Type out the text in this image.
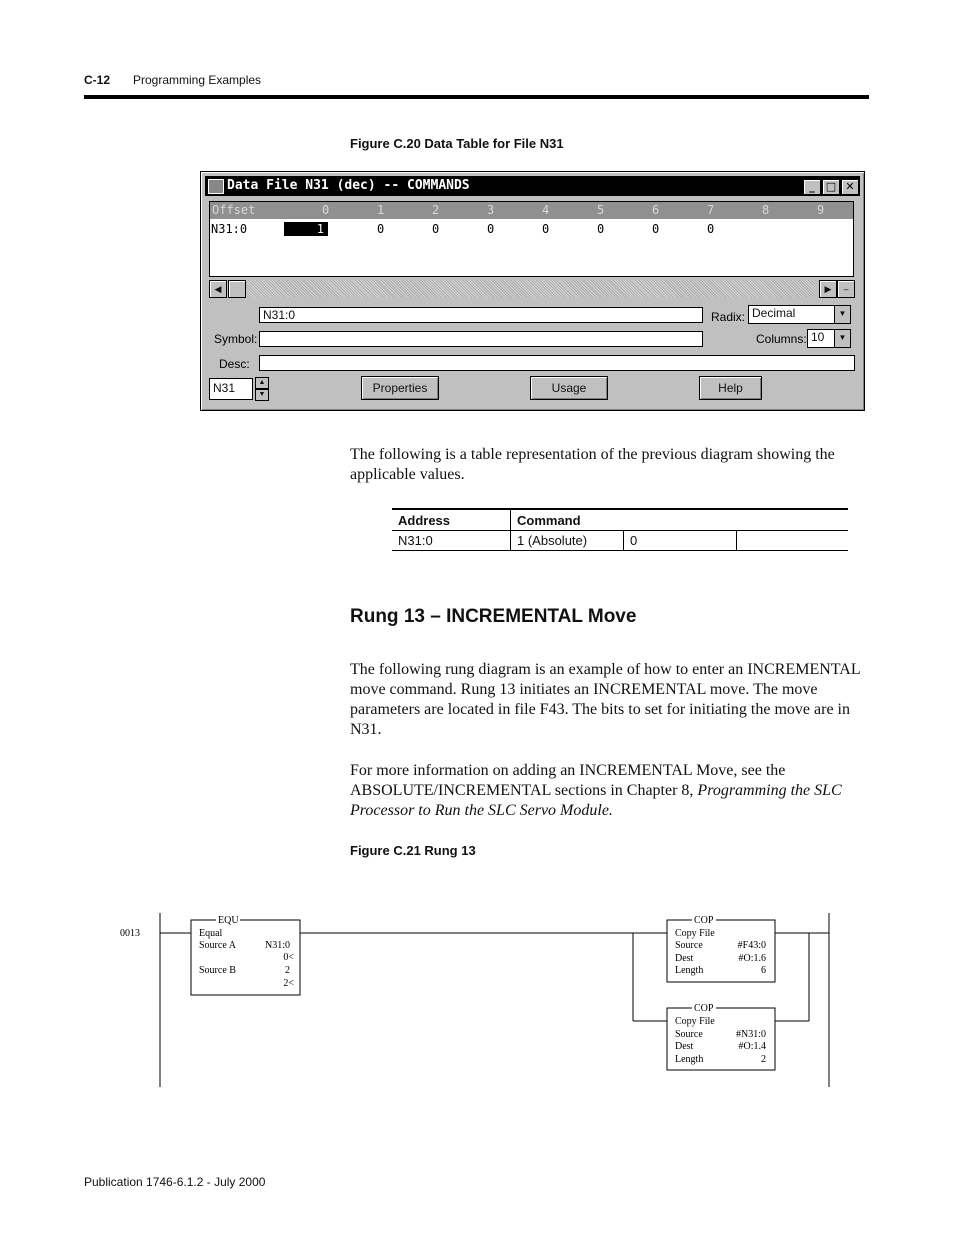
C-12 Programming Examples
Figure C.20 Data Table for File N31
Data File N31 (dec) -- COMMANDS	_	□ ✕
Offset	0	1	2	3	4	5	6	7	8	9
N31:0	1	0	0	0	0	0	0	0
◀	▶	–
N31:0
Symbol:
Desc:
Radix: Decimal	▼
Columns: 10	▼
N31	▲
▼	Properties	Usage	Help
The following is a table representation of the previous diagram showing the applicable values.
Address	Command		
N31:0	1 (Absolute)	0	
Rung 13 – INCREMENTAL Move
The following rung diagram is an example of how to enter an INCREMENTAL move command. Rung 13 initiates an INCREMENTAL move. The move parameters are located in file F43. The bits to set for initiating the move are in N31.
For more information on adding an INCREMENTAL Move, see the ABSOLUTE/INCREMENTAL sections in Chapter 8, Programming the SLC Processor to Run the SLC Servo Module.
Figure C.21 Rung 13
0013
EQU
Equal
Source A	N31:0
0<
Source B	2
2<
COP
Copy File
Source	#F43:0
Dest	#O:1.6
Length	6
COP
Copy File
Source	#N31:0
Dest	#O:1.4
Length	2
Publication 1746-6.1.2 - July 2000
